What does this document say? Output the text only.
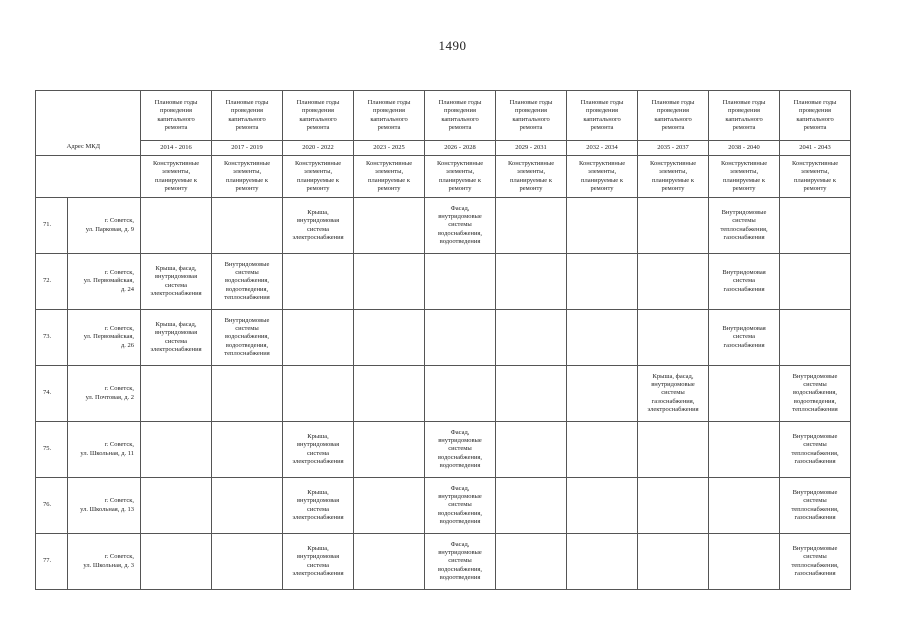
1490
Адрес МКД		Плановые годы
проведения
капитального
ремонта	Плановые годы
проведения
капитального
ремонта	Плановые годы
проведения
капитального
ремонта	Плановые годы
проведения
капитального
ремонта	Плановые годы
проведения
капитального
ремонта	Плановые годы
проведения
капитального
ремонта	Плановые годы
проведения
капитального
ремонта	Плановые годы
проведения
капитального
ремонта	Плановые годы
проведения
капитального
ремонта	Плановые годы
проведения
капитального
ремонта
		2014 - 2016	2017 - 2019	2020 - 2022	2023 - 2025	2026 - 2028	2029 - 2031	2032 - 2034	2035 - 2037	2038 - 2040	2041 - 2043
		Конструктивные
элементы,
планируемые к
ремонту	Конструктивные
элементы,
планируемые к
ремонту	Конструктивные
элементы,
планируемые к
ремонту	Конструктивные
элементы,
планируемые к
ремонту	Конструктивные
элементы,
планируемые к
ремонту	Конструктивные
элементы,
планируемые к
ремонту	Конструктивные
элементы,
планируемые к
ремонту	Конструктивные
элементы,
планируемые к
ремонту	Конструктивные
элементы,
планируемые к
ремонту	Конструктивные
элементы,
планируемые к
ремонту
71.	г. Советск,
ул. Парковая, д. 9			Крыша,
внутридомовая
система
электроснабжения		Фасад,
внутридомовые
системы
водоснабжения,
водоотведения				Внутридомовые
системы
теплоснабжения,
газоснабжения	
72.	г. Советск,
ул. Первомайская,
д. 24	Крыша, фасад,
внутридомовая
система
электроснабжения	Внутридомовые
системы
водоснабжения,
водоотведения,
теплоснабжения							Внутридомовая
система
газоснабжения	
73.	г. Советск,
ул. Первомайская,
д. 26	Крыша, фасад,
внутридомовая
система
электроснабжения	Внутридомовые
системы
водоснабжения,
водоотведения,
теплоснабжения							Внутридомовая
система
газоснабжения	
74.	г. Советск,
ул. Почтовая, д. 2								Крыша, фасад,
внутридомовые
системы
газоснабжения,
электроснабжения		Внутридомовые
системы
водоснабжения,
водоотведения,
теплоснабжения
75.	г. Советск,
ул. Школьная, д. 11			Крыша,
внутридомовая
система
электроснабжения		Фасад,
внутридомовые
системы
водоснабжения,
водоотведения					Внутридомовые
системы
теплоснабжения,
газоснабжения
76.	г. Советск,
ул. Школьная, д. 13			Крыша,
внутридомовая
система
электроснабжения		Фасад,
внутридомовые
системы
водоснабжения,
водоотведения					Внутридомовые
системы
теплоснабжения,
газоснабжения
77.	г. Советск,
ул. Школьная, д. 3			Крыша,
внутридомовая
система
электроснабжения		Фасад,
внутридомовые
системы
водоснабжения,
водоотведения					Внутридомовые
системы
теплоснабжения,
газоснабжения
